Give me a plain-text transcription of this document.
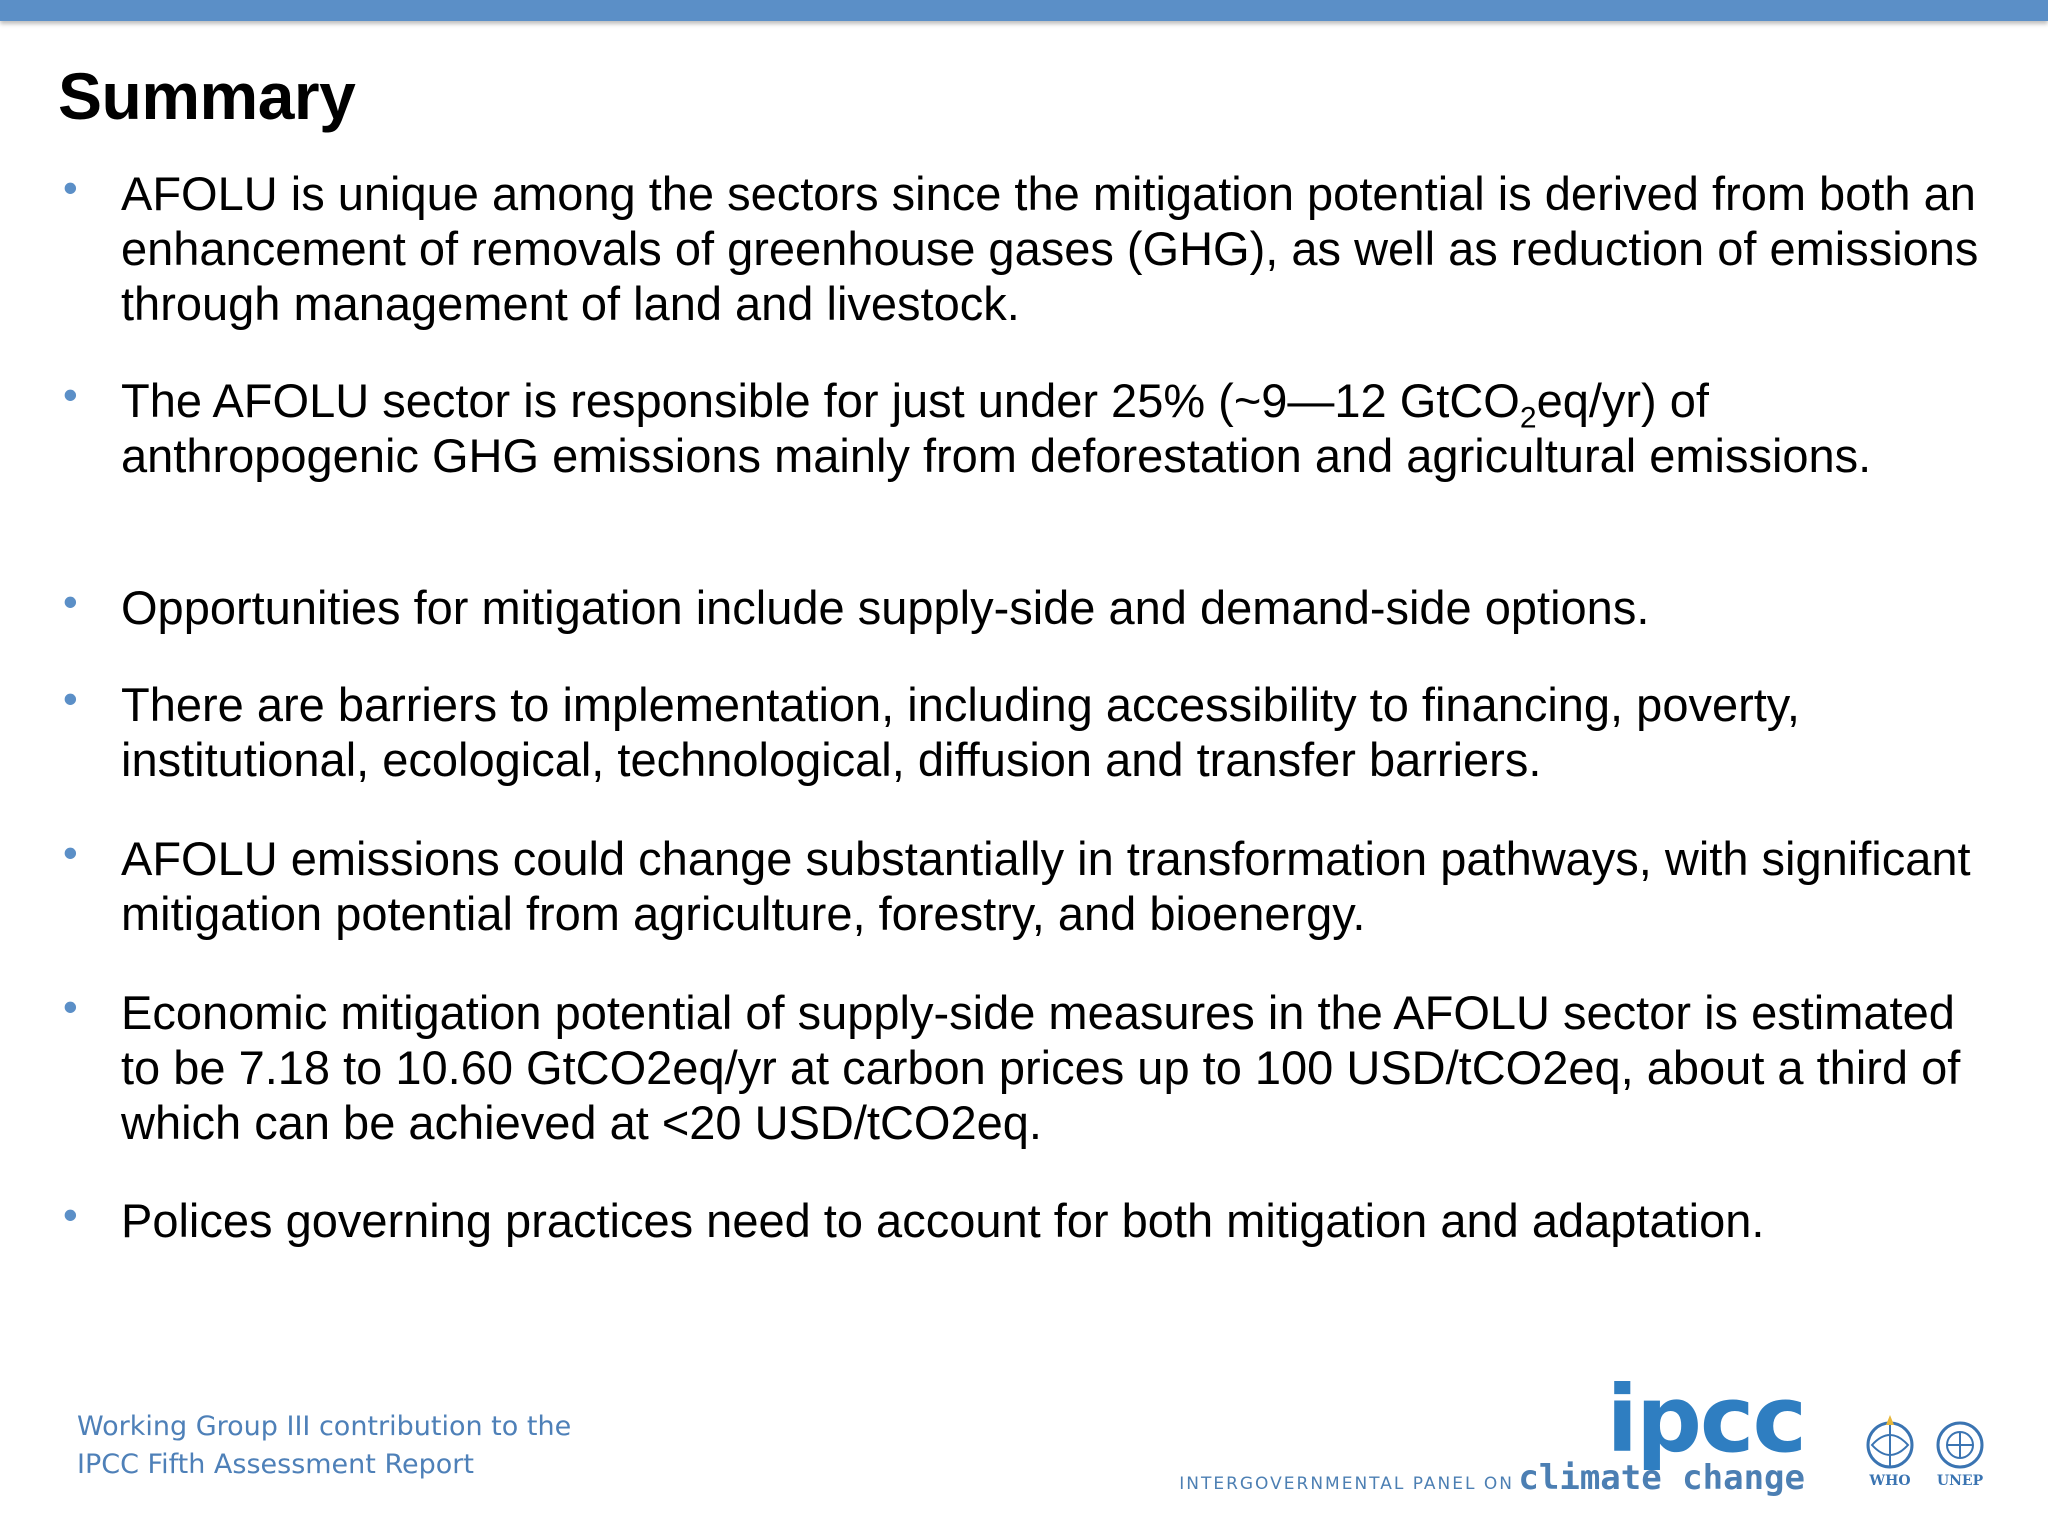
Summary
• AFOLU is unique among the sectors since the mitigation potential is derived from both an enhancement of removals of greenhouse gases (GHG), as well as reduction of emissions through management of land and livestock.
• The AFOLU sector is responsible for just under 25% (~9—12 GtCO$_2$eq/yr) of anthropogenic GHG emissions mainly from deforestation and agricultural emissions.
• Opportunities for mitigation include supply-side and demand-side options.
• There are barriers to implementation, including accessibility to financing, poverty, institutional, ecological, technological, diffusion and transfer barriers.
• AFOLU emissions could change substantially in transformation pathways, with significant mitigation potential from agriculture, forestry, and bioenergy.
• Economic mitigation potential of supply-side measures in the AFOLU sector is estimated to be 7.18 to 10.60 GtCO2eq/yr at carbon prices up to 100 USD/tCO2eq, about a third of which can be achieved at <20 USD/tCO2eq.
• Polices governing practices need to account for both mitigation and adaptation.
Working Group III contribution to the
IPCC Fifth Assessment Report	ipcc
INTERGOVERNMENTAL PANEL ON climate change	WHO	UNEP
